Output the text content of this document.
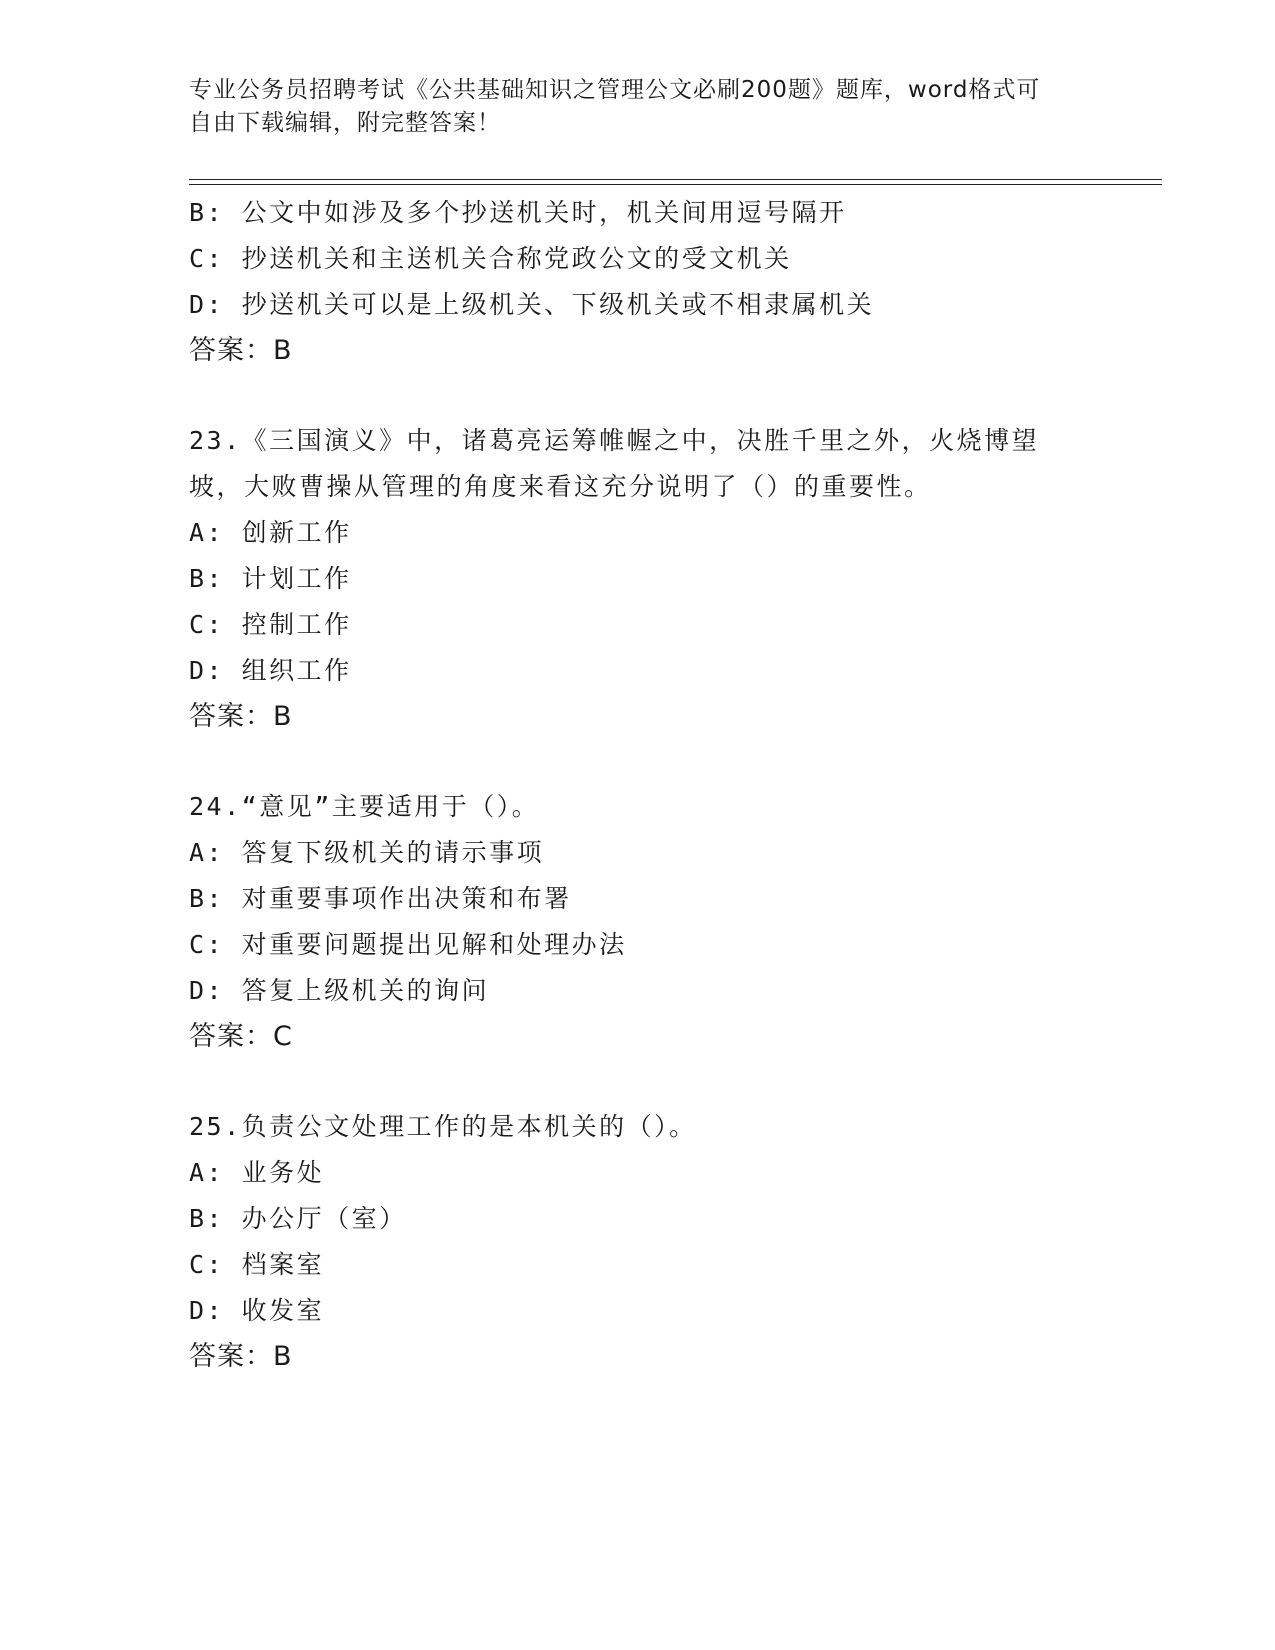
专业公务员招聘考试《公共基础知识之管理公文必刷200题》题库，word格式可
自由下载编辑，附完整答案！
B: 公文中如涉及多个抄送机关时，机关间用逗号隔开
C: 抄送机关和主送机关合称党政公文的受文机关
D: 抄送机关可以是上级机关、下级机关或不相隶属机关
答案：B
23.《三国演义》中，诸葛亮运筹帷幄之中，决胜千里之外，火烧博望
坡，大败曹操从管理的角度来看这充分说明了（）的重要性。
A: 创新工作
B: 计划工作
C: 控制工作
D: 组织工作
答案：B
24.“意见”主要适用于（）。
A: 答复下级机关的请示事项
B: 对重要事项作出决策和布署
C: 对重要问题提出见解和处理办法
D: 答复上级机关的询问
答案：C
25.负责公文处理工作的是本机关的（）。
A: 业务处
B: 办公厅（室）
C: 档案室
D: 收发室
答案：B
